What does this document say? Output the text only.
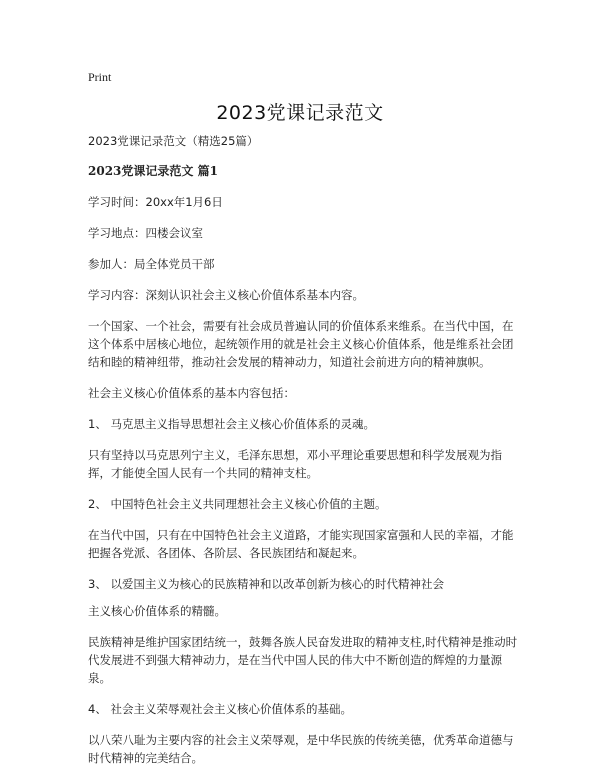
Print
2023党课记录范文

2023党课记录范文（精选25篇）

2023党课记录范文 篇1

学习时间：20xx年1月6日

学习地点：四楼会议室

参加人：局全体党员干部

学习内容：深刻认识社会主义核心价值体系基本内容。

一个国家、一个社会，需要有社会成员普遍认同的价值体系来维系。在当代中国，在这个体系中居核心地位，起统领作用的就是社会主义核心价值体系，他是维系社会团结和睦的精神纽带，推动社会发展的精神动力，知道社会前进方向的精神旗帜。

社会主义核心价值体系的基本内容包括：

1、 马克思主义指导思想社会主义核心价值体系的灵魂。

只有坚持以马克思列宁主义，毛泽东思想，邓小平理论重要思想和科学发展观为指挥，才能使全国人民有一个共同的精神支柱。

2、 中国特色社会主义共同理想社会主义核心价值的主题。

在当代中国，只有在中国特色社会主义道路，才能实现国家富强和人民的幸福，才能把握各党派、各团体、各阶层、各民族团结和凝起来。

3、 以爱国主义为核心的民族精神和以改革创新为核心的时代精神社会

主义核心价值体系的精髓。

民族精神是维护国家团结统一，鼓舞各族人民奋发进取的精神支柱,时代精神是推动时代发展进不到强大精神动力，是在当代中国人民的伟大中不断创造的辉煌的力量源泉。

4、 社会主义荣辱观社会主义核心价值体系的基础。

以八荣八耻为主要内容的社会主义荣辱观，是中华民族的传统美德，优秀革命道德与时代精神的完美结合。
